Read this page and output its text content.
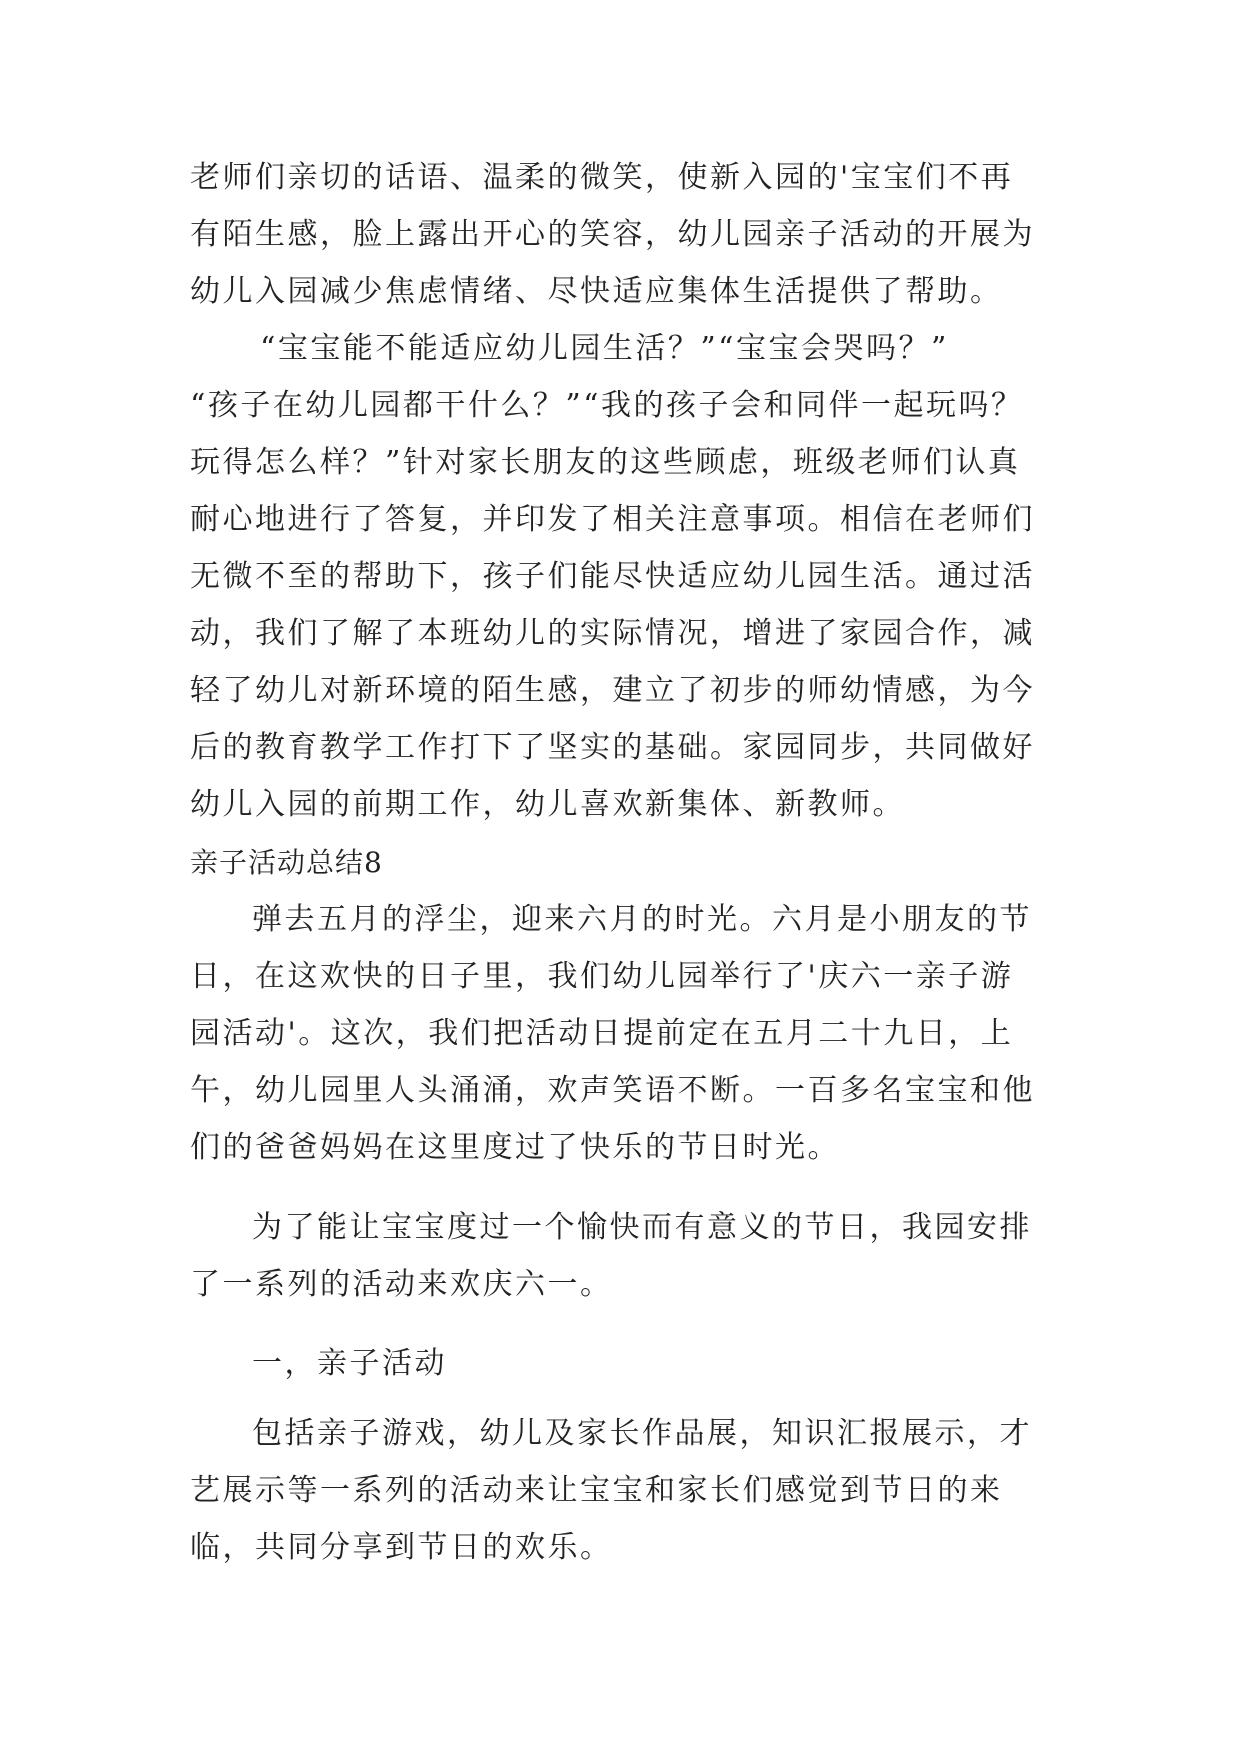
老师们亲切的话语、温柔的微笑，使新入园的'宝宝们不再
有陌生感，脸上露出开心的笑容，幼儿园亲子活动的开展为
幼儿入园减少焦虑情绪、尽快适应集体生活提供了帮助。
“宝宝能不能适应幼儿园生活？”“宝宝会哭吗？”
“孩子在幼儿园都干什么？”“我的孩子会和同伴一起玩吗？
玩得怎么样？”针对家长朋友的这些顾虑，班级老师们认真
耐心地进行了答复，并印发了相关注意事项。相信在老师们
无微不至的帮助下，孩子们能尽快适应幼儿园生活。通过活
动，我们了解了本班幼儿的实际情况，增进了家园合作，减
轻了幼儿对新环境的陌生感，建立了初步的师幼情感，为今
后的教育教学工作打下了坚实的基础。家园同步，共同做好
幼儿入园的前期工作，幼儿喜欢新集体、新教师。
亲子活动总结8
弹去五月的浮尘，迎来六月的时光。六月是小朋友的节
日，在这欢快的日子里，我们幼儿园举行了'庆六一亲子游
园活动'。这次，我们把活动日提前定在五月二十九日，上
午，幼儿园里人头涌涌，欢声笑语不断。一百多名宝宝和他
们的爸爸妈妈在这里度过了快乐的节日时光。
为了能让宝宝度过一个愉快而有意义的节日，我园安排
了一系列的活动来欢庆六一。
一，亲子活动
包括亲子游戏，幼儿及家长作品展，知识汇报展示，才
艺展示等一系列的活动来让宝宝和家长们感觉到节日的来
临，共同分享到节日的欢乐。
